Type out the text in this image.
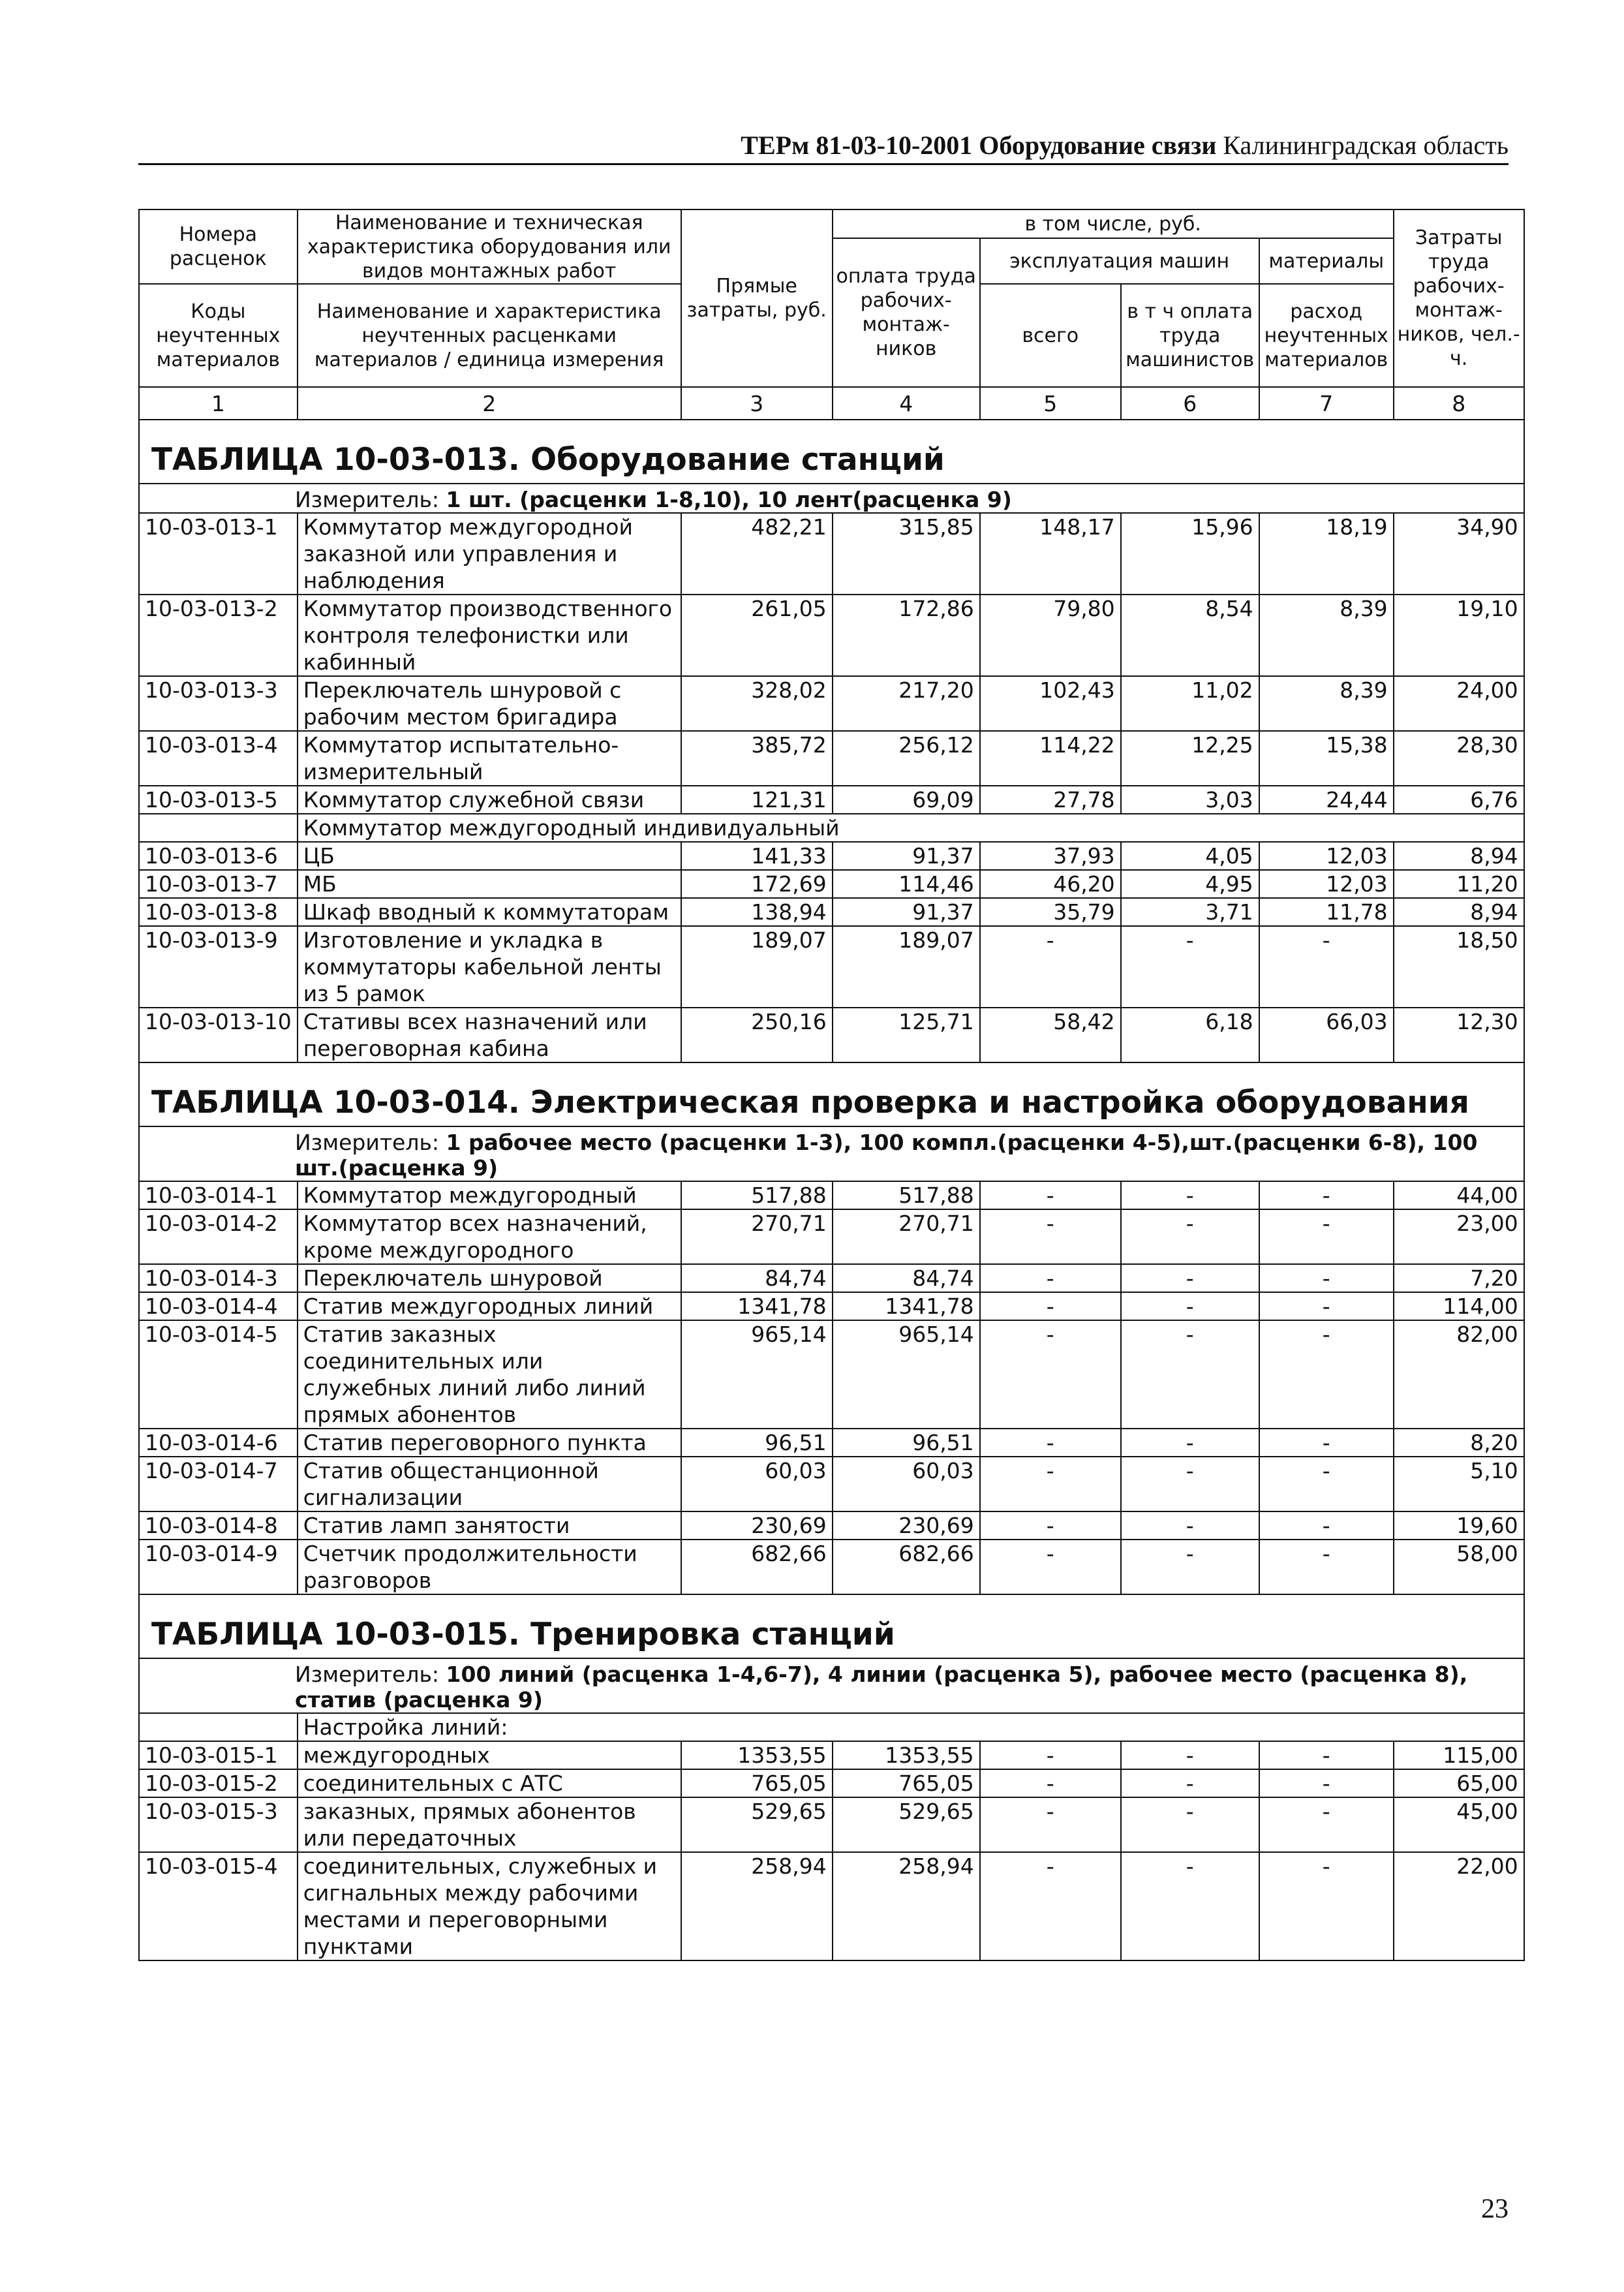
ТЕРм 81-03-10-2001 Оборудование связи Калининградская область
Номера расценок	Наименование и техническая характеристика оборудования или видов монтажных работ	Прямые затраты, руб.	в том числе, руб.				Затраты труда рабочих-монтаж-ников, чел.-ч.
			оплата труда рабочих-монтаж-ников	эксплуатация машин		материалы	
Коды неучтенных материалов	Наименование и характеристика неучтенных расценками материалов / единица измерения			всего	в т ч оплата труда машинистов	расход неучтенных материалов	

1	2	3	4	5	6	7	8
ТАБЛИЦА 10-03-013. Оборудование станций							
Измеритель: 1 шт. (расценки 1-8,10), 10 лент(расценка 9)							
10-03-013-1	Коммутатор междугородной заказной или управления и наблюдения	482,21	315,85	148,17	15,96	18,19	34,90
10-03-013-2	Коммутатор производственного контроля телефонистки или кабинный	261,05	172,86	79,80	8,54	8,39	19,10
10-03-013-3	Переключатель шнуровой с рабочим местом бригадира	328,02	217,20	102,43	11,02	8,39	24,00
10-03-013-4	Коммутатор испытательно-измерительный	385,72	256,12	114,22	12,25	15,38	28,30
10-03-013-5	Коммутатор служебной связи	121,31	69,09	27,78	3,03	24,44	6,76
	Коммутатор междугородный индивидуальный						
10-03-013-6	ЦБ	141,33	91,37	37,93	4,05	12,03	8,94
10-03-013-7	МБ	172,69	114,46	46,20	4,95	12,03	11,20
10-03-013-8	Шкаф вводный к коммутаторам	138,94	91,37	35,79	3,71	11,78	8,94
10-03-013-9	Изготовление и укладка в коммутаторы кабельной ленты из 5 рамок	189,07	189,07	-	-	-	18,50
10-03-013-10	Стативы всех назначений или переговорная кабина	250,16	125,71	58,42	6,18	66,03	12,30
ТАБЛИЦА 10-03-014. Электрическая проверка и настройка оборудования							
Измеритель: 1 рабочее место (расценки 1-3), 100 компл.(расценки 4-5),шт.(расценки 6-8), 100 шт.(расценка 9)							
10-03-014-1	Коммутатор междугородный	517,88	517,88	-	-	-	44,00
10-03-014-2	Коммутатор всех назначений, кроме междугородного	270,71	270,71	-	-	-	23,00
10-03-014-3	Переключатель шнуровой	84,74	84,74	-	-	-	7,20
10-03-014-4	Статив междугородных линий	1341,78	1341,78	-	-	-	114,00
10-03-014-5	Статив заказных соединительных или служебных линий либо линий прямых абонентов	965,14	965,14	-	-	-	82,00
10-03-014-6	Статив переговорного пункта	96,51	96,51	-	-	-	8,20
10-03-014-7	Статив общестанционной сигнализации	60,03	60,03	-	-	-	5,10
10-03-014-8	Статив ламп занятости	230,69	230,69	-	-	-	19,60
10-03-014-9	Счетчик продолжительности разговоров	682,66	682,66	-	-	-	58,00
ТАБЛИЦА 10-03-015. Тренировка станций							
Измеритель: 100 линий (расценка 1-4,6-7), 4 линии (расценка 5), рабочее место (расценка 8), статив (расценка 9)							
	Настройка линий:						
10-03-015-1	междугородных	1353,55	1353,55	-	-	-	115,00
10-03-015-2	соединительных с АТС	765,05	765,05	-	-	-	65,00
10-03-015-3	заказных, прямых абонентов или передаточных	529,65	529,65	-	-	-	45,00
10-03-015-4	соединительных, служебных и сигнальных между рабочими местами и переговорными пунктами	258,94	258,94	-	-	-	22,00
23
